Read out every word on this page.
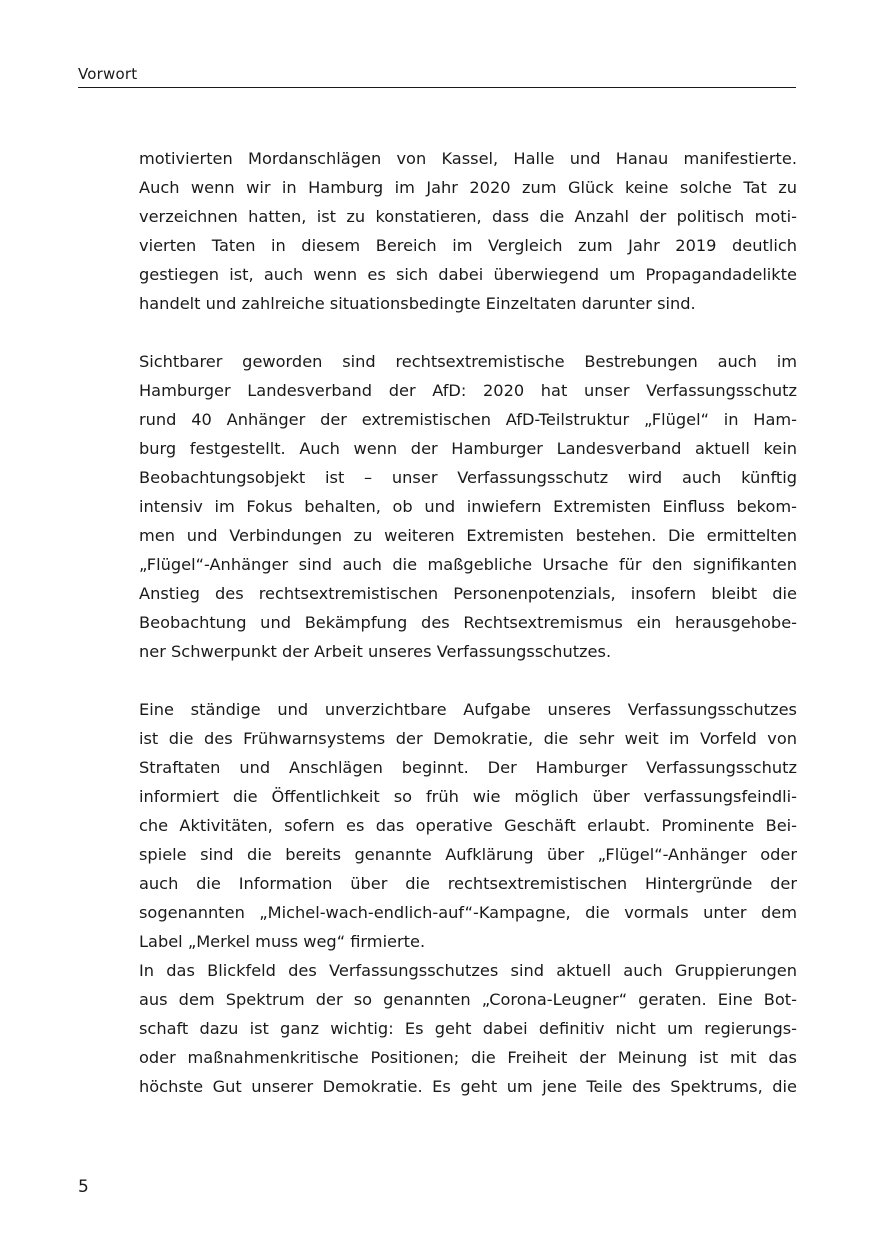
Vorwort
motivierten Mordanschlägen von Kassel, Halle und Hanau manifestierte.
Auch wenn wir in Hamburg im Jahr 2020 zum Glück keine solche Tat zu
verzeichnen hatten, ist zu konstatieren, dass die Anzahl der politisch moti-
vierten Taten in diesem Bereich im Vergleich zum Jahr 2019 deutlich
gestiegen ist, auch wenn es sich dabei überwiegend um Propagandadelikte
handelt und zahlreiche situationsbedingte Einzeltaten darunter sind.
Sichtbarer geworden sind rechtsextremistische Bestrebungen auch im
Hamburger Landesverband der AfD: 2020 hat unser Verfassungsschutz
rund 40 Anhänger der extremistischen AfD-Teilstruktur „Flügel“ in Ham-
burg festgestellt. Auch wenn der Hamburger Landesverband aktuell kein
Beobachtungsobjekt ist – unser Verfassungsschutz wird auch künftig
intensiv im Fokus behalten, ob und inwiefern Extremisten Einfluss bekom-
men und Verbindungen zu weiteren Extremisten bestehen. Die ermittelten
„Flügel“-Anhänger sind auch die maßgebliche Ursache für den signifikanten
Anstieg des rechtsextremistischen Personenpotenzials, insofern bleibt die
Beobachtung und Bekämpfung des Rechtsextremismus ein herausgehobe-
ner Schwerpunkt der Arbeit unseres Verfassungsschutzes.
Eine ständige und unverzichtbare Aufgabe unseres Verfassungsschutzes
ist die des Frühwarnsystems der Demokratie, die sehr weit im Vorfeld von
Straftaten und Anschlägen beginnt. Der Hamburger Verfassungsschutz
informiert die Öffentlichkeit so früh wie möglich über verfassungsfeindli-
che Aktivitäten, sofern es das operative Geschäft erlaubt. Prominente Bei-
spiele sind die bereits genannte Aufklärung über „Flügel“-Anhänger oder
auch die Information über die rechtsextremistischen Hintergründe der
sogenannten „Michel-wach-endlich-auf“-Kampagne, die vormals unter dem
Label „Merkel muss weg“ firmierte.
In das Blickfeld des Verfassungsschutzes sind aktuell auch Gruppierungen
aus dem Spektrum der so genannten „Corona-Leugner“ geraten. Eine Bot-
schaft dazu ist ganz wichtig: Es geht dabei definitiv nicht um regierungs-
oder maßnahmenkritische Positionen; die Freiheit der Meinung ist mit das
höchste Gut unserer Demokratie. Es geht um jene Teile des Spektrums, die
5
